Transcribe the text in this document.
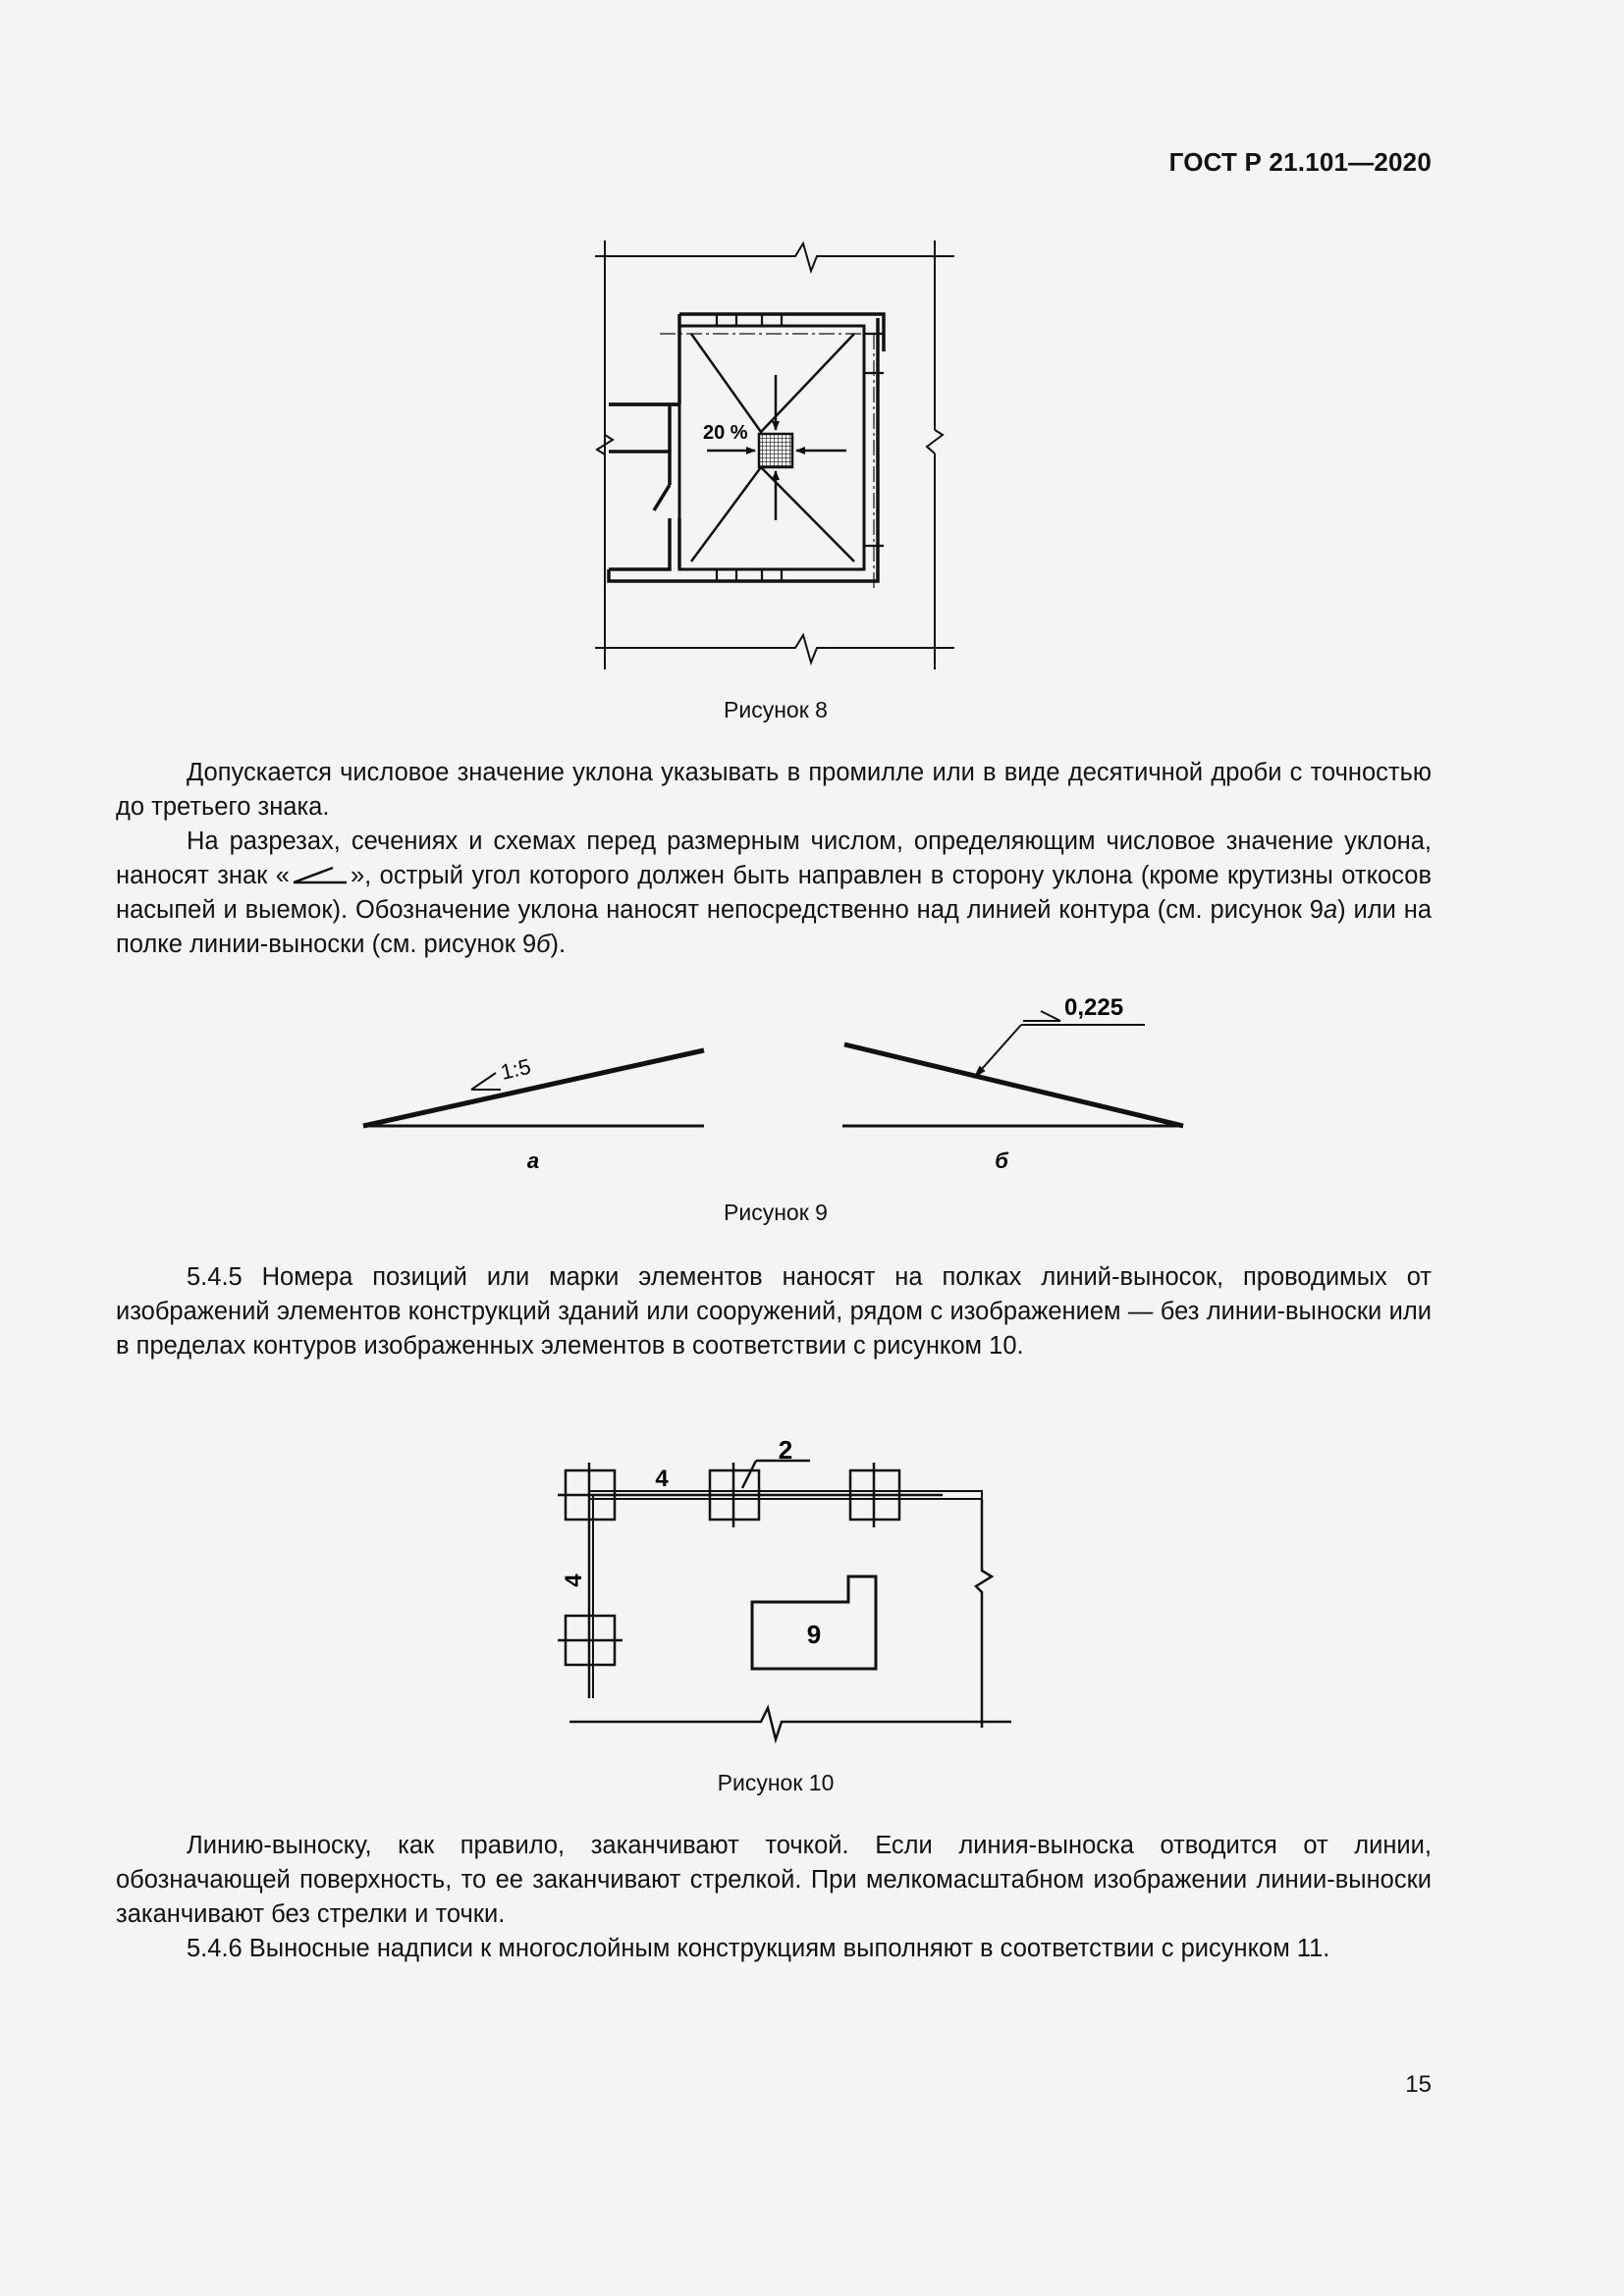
ГОСТ Р 21.101—2020
20 %
Рисунок 8

Допускается числовое значение уклона указывать в промилле или в виде десятичной дроби с точностью до третьего знака.

На разрезах, сечениях и схемах перед размерным числом, определяющим числовое значение уклона, наносят знак « », острый угол которого должен быть направлен в сторону уклона (кроме крутизны откосов насыпей и выемок). Обозначение уклона наносят непосредственно над линией контура (см. рисунок 9а) или на полке линии-выноски (см. рисунок 9б).

1:5
0,225
а	б
Рисунок 9

5.4.5 Номера позиций или марки элементов наносят на полках линий-выносок, проводимых от изображений элементов конструкций зданий или сооружений, рядом с изображением — без линии-выноски или в пределах контуров изображенных элементов в соответствии с рисунком 10.

2
4
4
9
Рисунок 10

Линию-выноску, как правило, заканчивают точкой. Если линия-выноска отводится от линии, обозначающей поверхность, то ее заканчивают стрелкой. При мелкомасштабном изображении линии-выноски заканчивают без стрелки и точки.

5.4.6 Выносные надписи к многослойным конструкциям выполняют в соответствии с рисунком 11.

15
